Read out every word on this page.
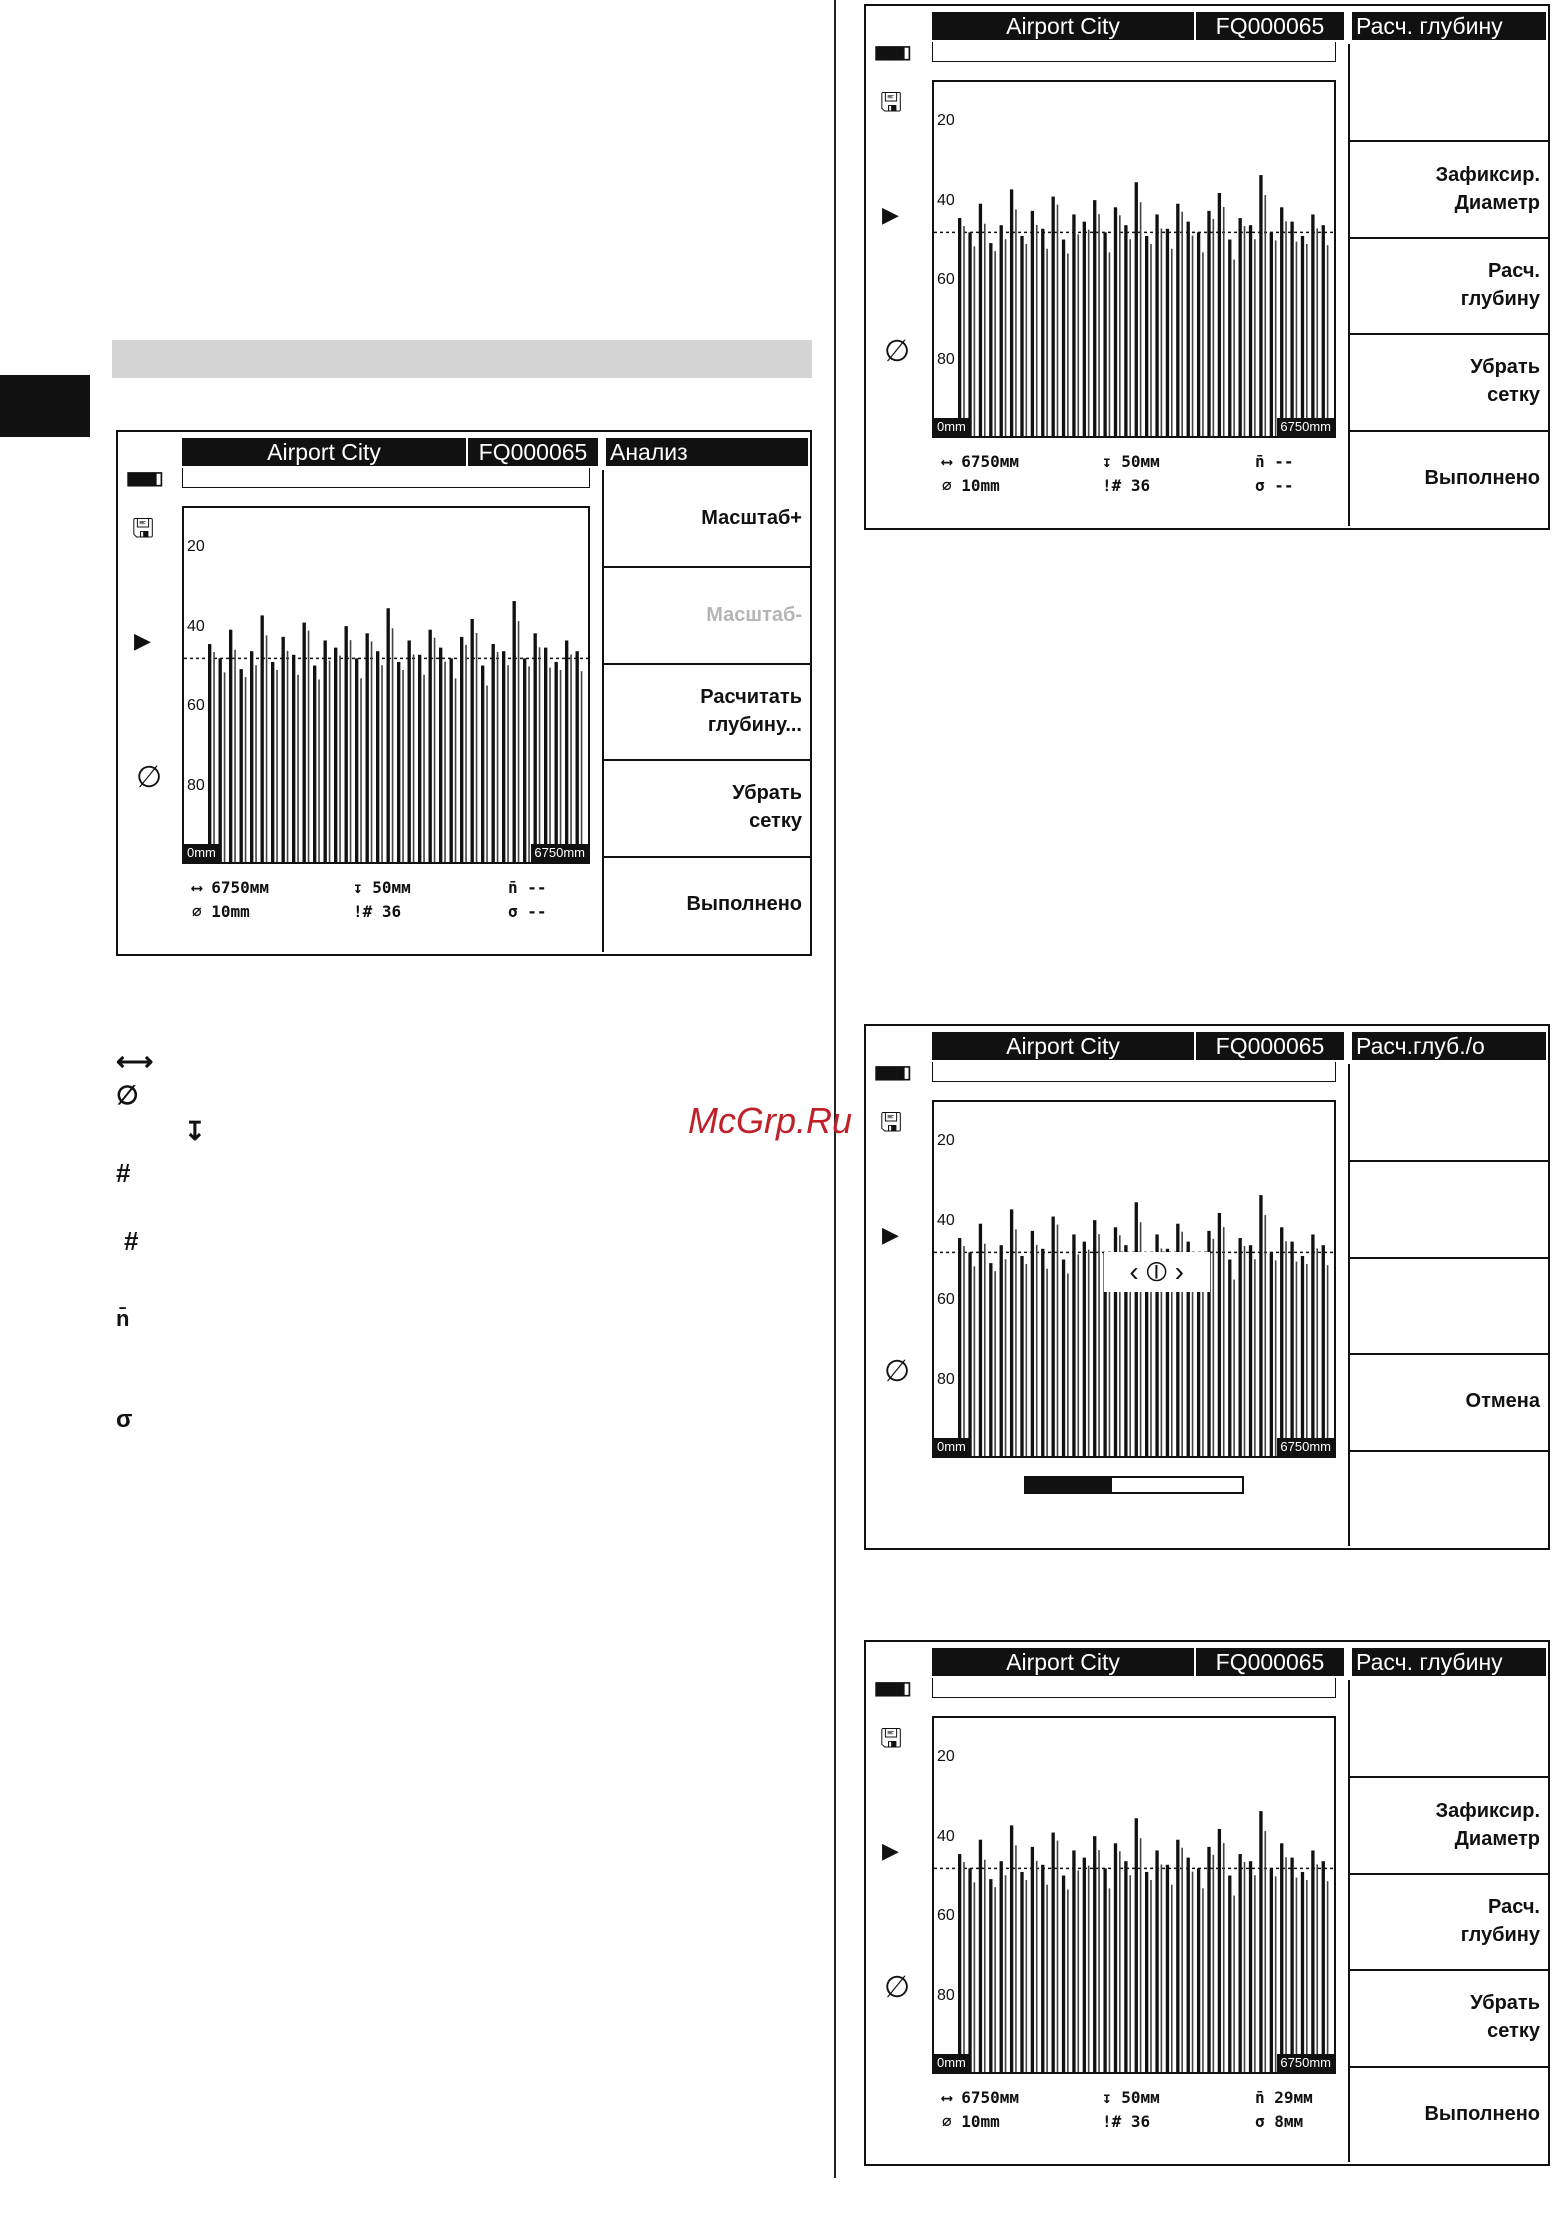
Airport City	FQ000065 Анализ
▮▮▮▮▯
🖫
▶
∅
20
40
60
80
0mm	6750mm
Масштаб+
Масштаб-
Расчитать
глубину...
Убрать
сетку
Выполнено
⟷ 6750мм	↧ 50мм	n̄ --
∅ 10mm	!# 36	σ --
Airport City	FQ000065	Расч. глубину
▮▮▮▮▯
🖫
▶
∅
20
40
60
80
0mm	6750mm
Зафиксир.
Диаметр
Расч.
глубину
Убрать
сетку
Выполнено
⟷ 6750мм	↧ 50мм	n̄ --
∅ 10mm	!# 36	σ --
Airport City	FQ000065	Расч.глуб./о
▮▮▮▮▯
🖫
▶
∅
20
40
60
80
0mm	6750mm
‹ ⦶ ›
Отмена
Airport City	FQ000065	Расч. глубину
▮▮▮▮▯
🖫
▶
∅
20
40
60
80
0mm	6750mm
Зафиксир.
Диаметр
Расч.
глубину
Убрать
сетку
Выполнено
⟷ 6750мм	↧ 50мм	n̄ 29мм
∅ 10mm	!# 36	σ 8мм
McGrp.Ru
⟷
∅
↧
#
#
n̄
σ
